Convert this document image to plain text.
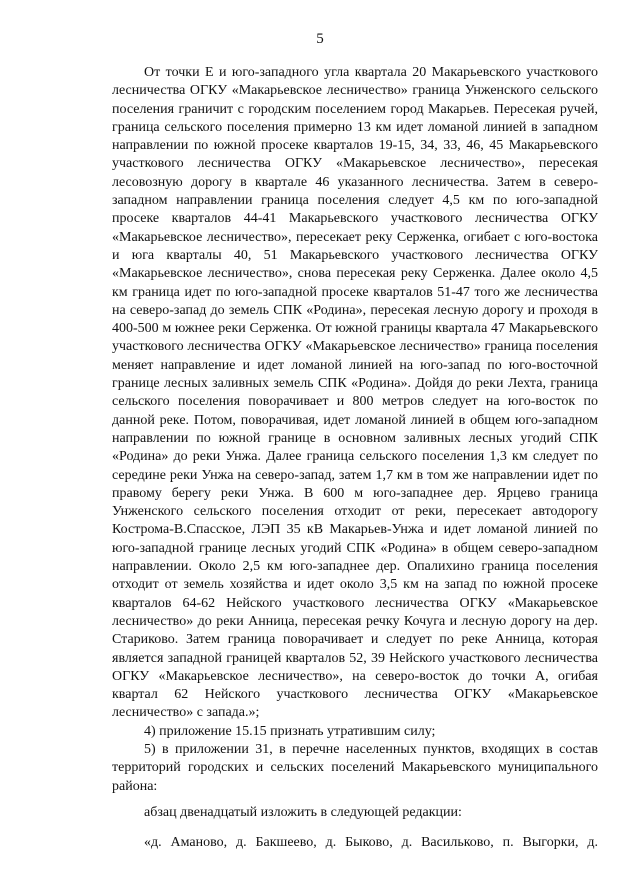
5

От точки Е и юго-западного угла квартала 20 Макарьевского участкового лесничества ОГКУ «Макарьевское лесничество» граница Унженского сельского поселения граничит с городским поселением город Макарьев. Пересекая ручей, граница сельского поселения примерно 13 км идет ломаной линией в западном направлении по южной просеке кварталов 19-15, 34, 33, 46, 45 Макарьевского участкового лесничества ОГКУ «Макарьевское лесничество», пересекая лесовозную дорогу в квартале 46 указанного лесничества. Затем в северо-западном направлении граница поселения следует 4,5 км по юго-западной просеке кварталов 44-41 Макарьевского участкового лесничества ОГКУ «Макарьевское лесничество», пересекает реку Серженка, огибает с юго-востока и юга кварталы 40, 51 Макарьевского участкового лесничества ОГКУ «Макарьевское лесничество», снова пересекая реку Серженка. Далее около 4,5 км граница идет по юго-западной просеке кварталов 51-47 того же лесничества на северо-запад до земель СПК «Родина», пересекая лесную дорогу и проходя в 400-500 м южнее реки Серженка. От южной границы квартала 47 Макарьевского участкового лесничества ОГКУ «Макарьевское лесничество» граница поселения меняет направление и идет ломаной линией на юго-запад по юго-восточной границе лесных заливных земель СПК «Родина». Дойдя до реки Лехта, граница сельского поселения поворачивает и 800 метров следует на юго-восток по данной реке. Потом, поворачивая, идет ломаной линией в общем юго-западном направлении по южной границе в основном заливных лесных угодий СПК «Родина» до реки Унжа. Далее граница сельского поселения 1,3 км следует по середине реки Унжа на северо-запад, затем 1,7 км в том же направлении идет по правому берегу реки Унжа. В 600 м юго-западнее дер. Ярцево граница Унженского сельского поселения отходит от реки, пересекает автодорогу Кострома-В.Спасское, ЛЭП 35 кВ Макарьев-Унжа и идет ломаной линией по юго-западной границе лесных угодий СПК «Родина» в общем северо-западном направлении. Около 2,5 км юго-западнее дер. Опалихино граница поселения отходит от земель хозяйства и идет около 3,5 км на запад по южной просеке кварталов 64-62 Нейского участкового лесничества ОГКУ «Макарьевское лесничество» до реки Анница, пересекая речку Кочуга и лесную дорогу на дер. Стариково. Затем граница поворачивает и следует по реке Анница, которая является западной границей кварталов 52, 39 Нейского участкового лесничества ОГКУ «Макарьевское лесничество», на северо-восток до точки А, огибая квартал 62 Нейского участкового лесничества ОГКУ «Макарьевское лесничество» с запада.»;

4) приложение 15.15 признать утратившим силу;

5) в приложении 31, в перечне населенных пунктов, входящих в состав территорий городских и сельских поселений Макарьевского муниципального района:

абзац двенадцатый изложить в следующей редакции:

«д. Аманово, д. Бакшеево, д. Быково, д. Васильково, п. Выгорки, д.
